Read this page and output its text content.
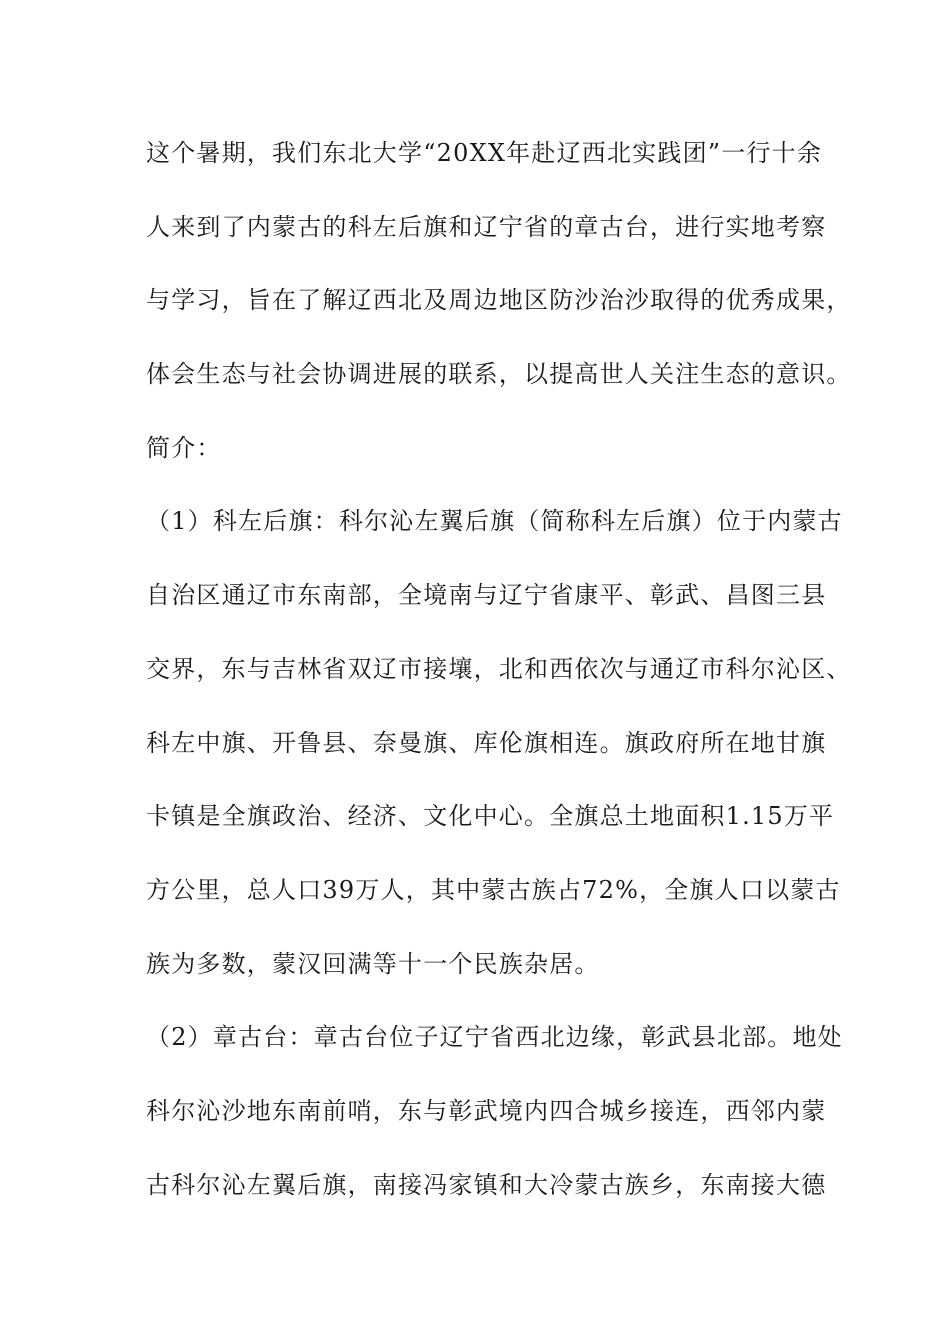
这个暑期，我们东北大学“20XX年赴辽西北实践团”一行十余
人来到了内蒙古的科左后旗和辽宁省的章古台，进行实地考察
与学习，旨在了解辽西北及周边地区防沙治沙取得的优秀成果，
体会生态与社会协调进展的联系，以提高世人关注生态的意识。
简介：
（1）科左后旗：科尔沁左翼后旗（简称科左后旗）位于内蒙古
自治区通辽市东南部，全境南与辽宁省康平、彰武、昌图三县
交界，东与吉林省双辽市接壤，北和西依次与通辽市科尔沁区、
科左中旗、开鲁县、奈曼旗、库伦旗相连。旗政府所在地甘旗
卡镇是全旗政治、经济、文化中心。全旗总土地面积1.15万平
方公里，总人口39万人，其中蒙古族占72%，全旗人口以蒙古
族为多数，蒙汉回满等十一个民族杂居。
（2）章古台：章古台位子辽宁省西北边缘，彰武县北部。地处
科尔沁沙地东南前哨，东与彰武境内四合城乡接连，西邻内蒙
古科尔沁左翼后旗，南接冯家镇和大冷蒙古族乡，东南接大德
